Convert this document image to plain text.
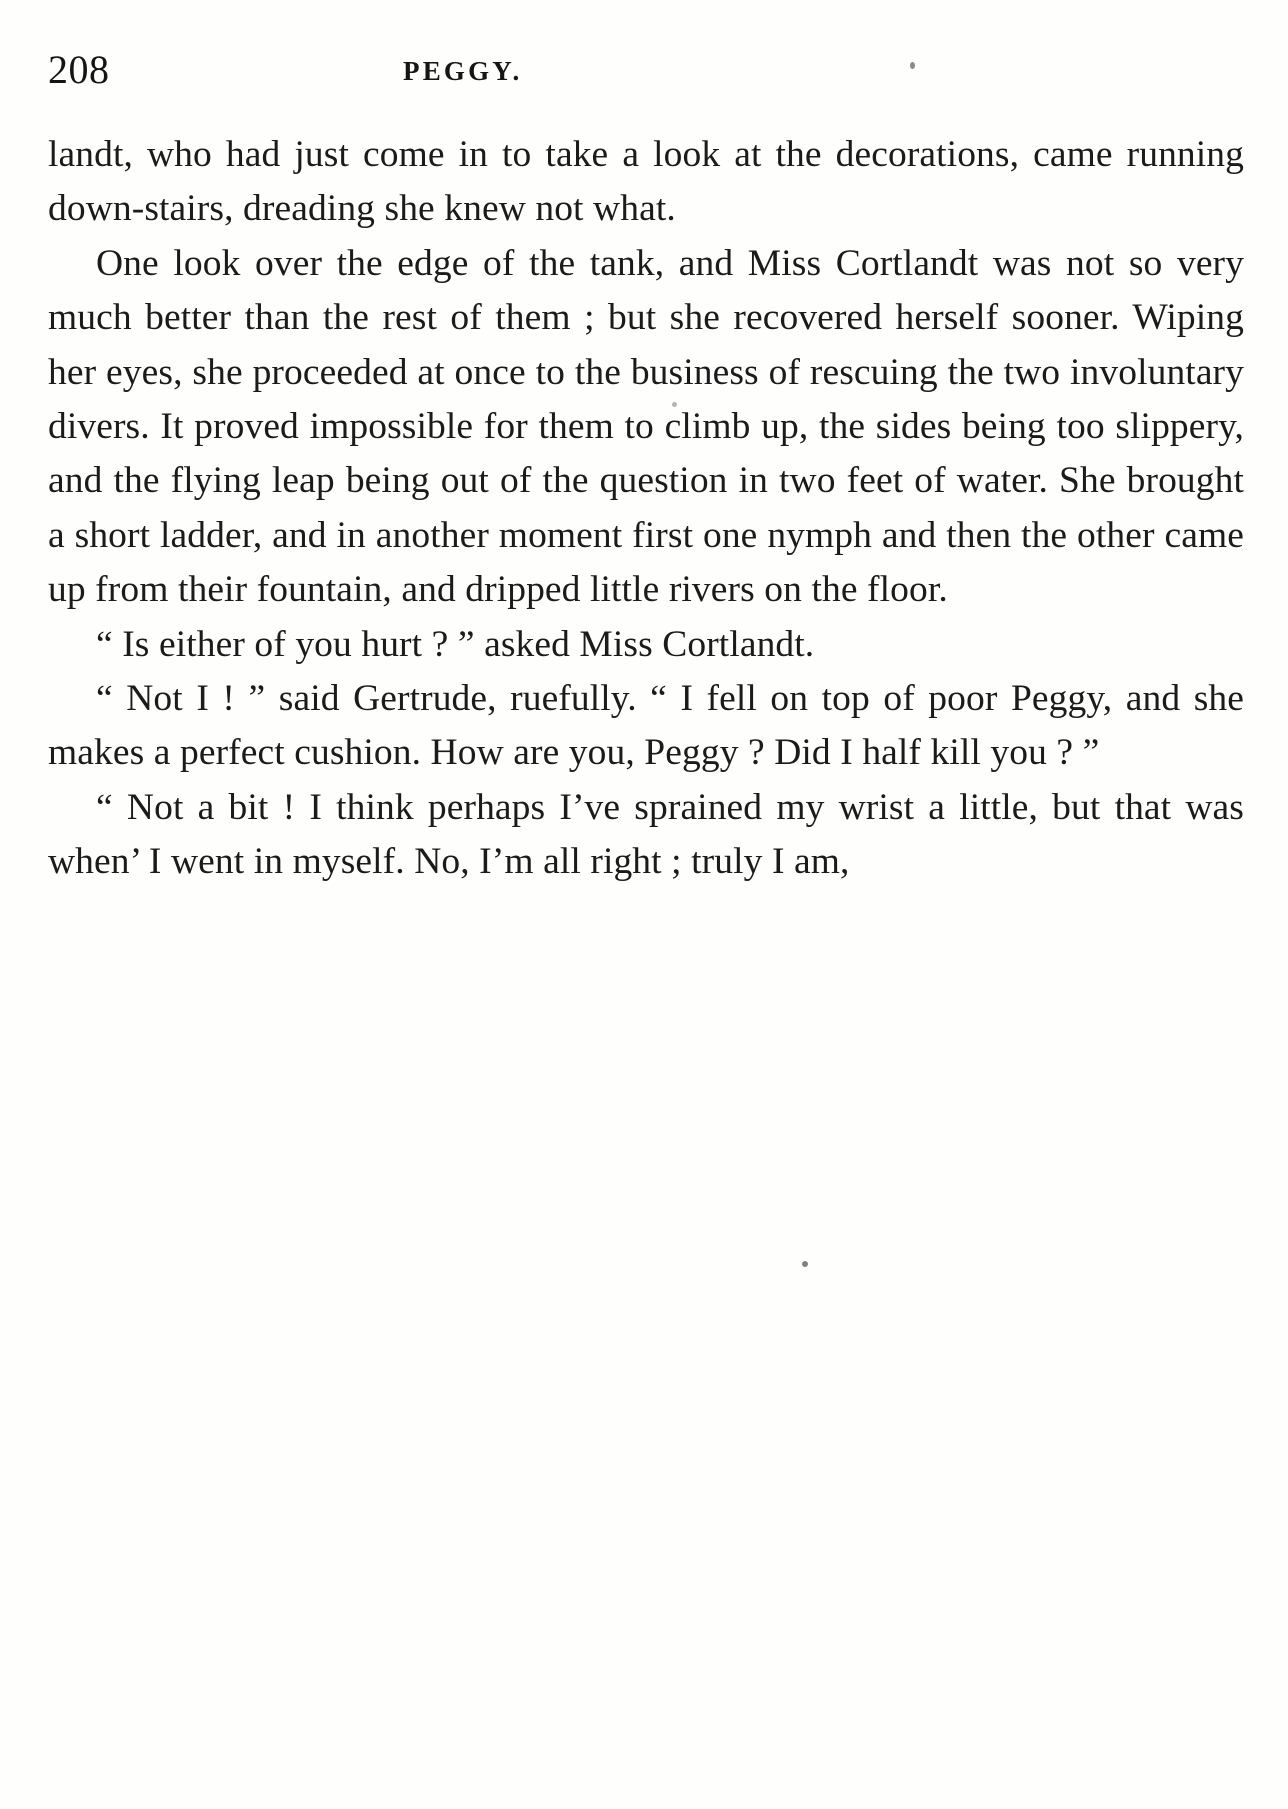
208	PEGGY.

landt, who had just come in to take a look at the decorations, came running down-stairs, dreading she knew not what.

One look over the edge of the tank, and Miss Cortlandt was not so very much better than the rest of them ; but she recovered herself sooner. Wiping her eyes, she proceeded at once to the business of rescuing the two involuntary divers. It proved impossible for them to climb up, the sides being too slippery, and the flying leap being out of the question in two feet of water. She brought a short ladder, and in another moment first one nymph and then the other came up from their fountain, and dripped little rivers on the floor.

“ Is either of you hurt ? ” asked Miss Cortlandt.

“ Not I ! ” said Gertrude, ruefully. “ I fell on top of poor Peggy, and she makes a perfect cushion. How are you, Peggy ? Did I half kill you ? ”

“ Not a bit ! I think perhaps I’ve sprained my wrist a little, but that was when’ I went in myself. No, I’m all right ; truly I am,
